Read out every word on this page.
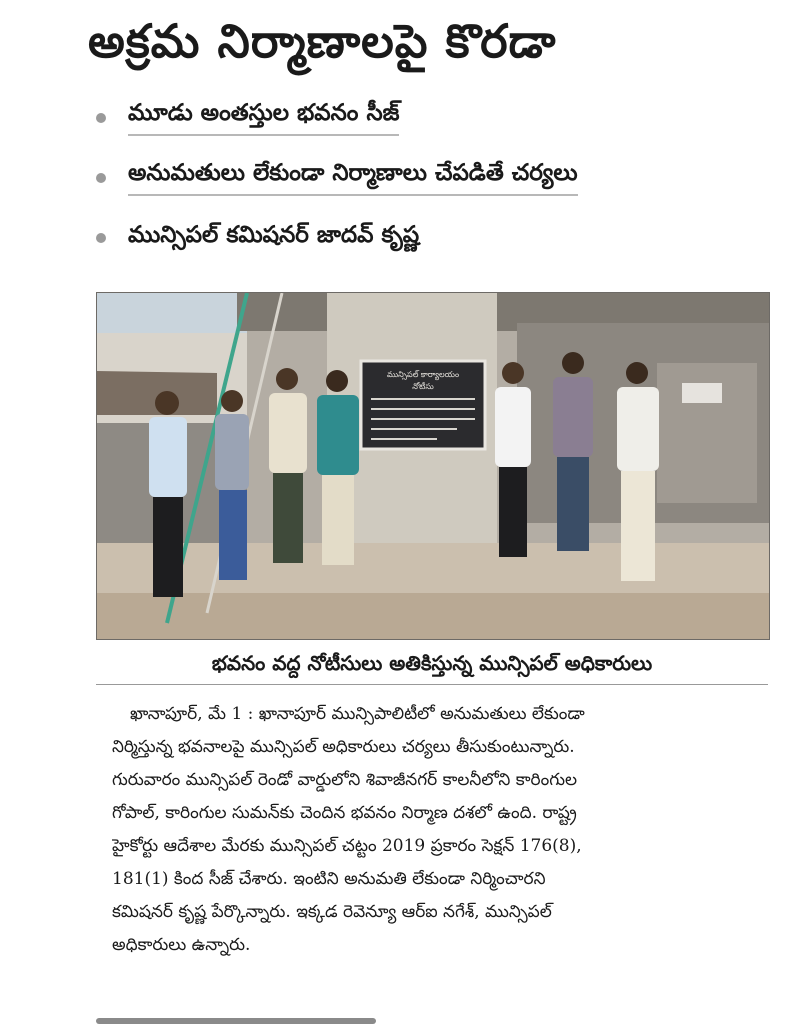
అక్రమ నిర్మాణాలపై కొరడా
మూడు అంతస్తుల భవనం సీజ్
అనుమతులు లేకుండా నిర్మాణాలు చేపడితే చర్యలు
మున్సిపల్ కమిషనర్ జాదవ్ కృష్ణ
మున్సిపల్ కార్యాలయం
నోటీసు
భవనం వద్ద నోటీసులు అతికిస్తున్న మున్సిపల్ అధికారులు
ఖానాపూర్, మే 1 : ఖానాపూర్ మున్సిపాలిటీలో అనుమతులు లేకుండా
నిర్మిస్తున్న భవనాలపై మున్సిపల్ అధికారులు చర్యలు తీసుకుంటున్నారు.
గురువారం మున్సిపల్ రెండో వార్డులోని శివాజీనగర్ కాలనీలోని కారింగుల
గోపాల్, కారింగుల సుమన్‌కు చెందిన భవనం నిర్మాణ దశలో ఉంది. రాష్ట్ర
హైకోర్టు ఆదేశాల మేరకు మున్సిపల్ చట్టం 2019 ప్రకారం సెక్షన్ 176(8),
181(1) కింద సీజ్ చేశారు. ఇంటిని అనుమతి లేకుండా నిర్మించారని
కమిషనర్ కృష్ణ పేర్కొన్నారు. ఇక్కడ రెవెన్యూ ఆర్ఐ నగేశ్, మున్సిపల్
అధికారులు ఉన్నారు.
